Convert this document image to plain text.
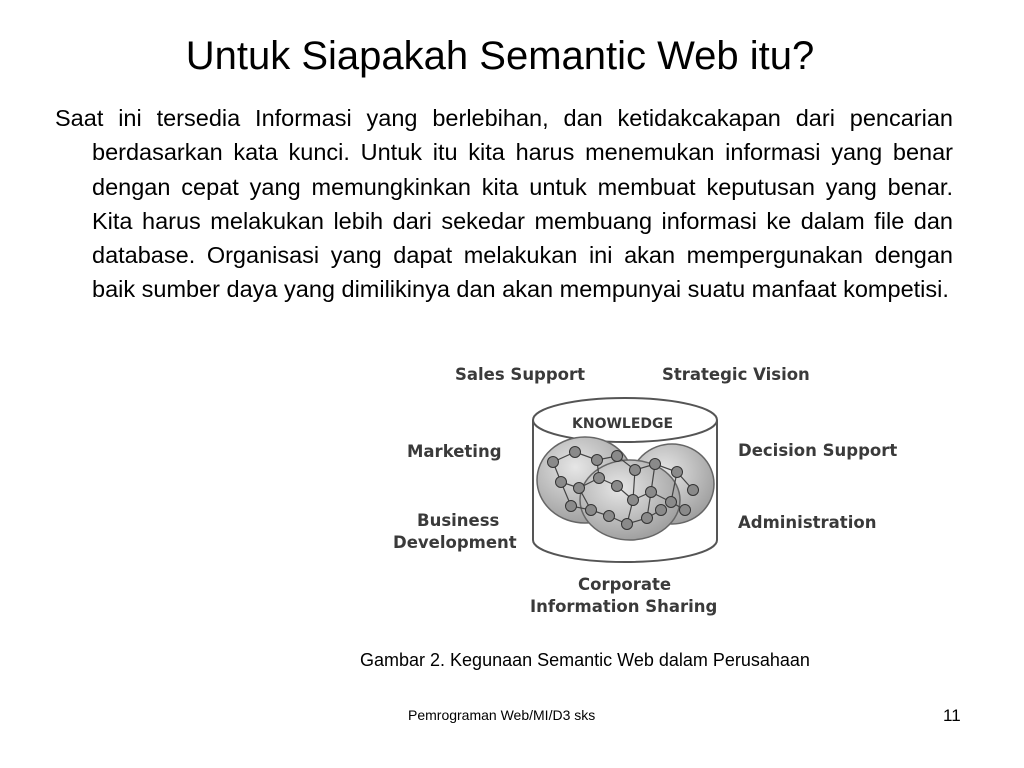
Untuk Siapakah Semantic Web itu?
Saat ini tersedia Informasi yang berlebihan, dan ketidakcakapan dari pencarian berdasarkan kata kunci. Untuk itu kita harus menemukan informasi yang benar dengan cepat yang memungkinkan kita untuk membuat keputusan yang benar. Kita harus melakukan lebih dari sekedar membuang informasi ke dalam file dan database. Organisasi yang dapat melakukan ini akan mempergunakan dengan baik sumber daya yang dimilikinya dan akan mempunyai suatu manfaat kompetisi.
KNOWLEDGE
Sales Support	Strategic Vision
Marketing	Decision Support
Business
Development
Administration
Corporate
Information Sharing
Gambar 2. Kegunaan Semantic Web dalam Perusahaan
Pemrograman Web/MI/D3 sks	11
